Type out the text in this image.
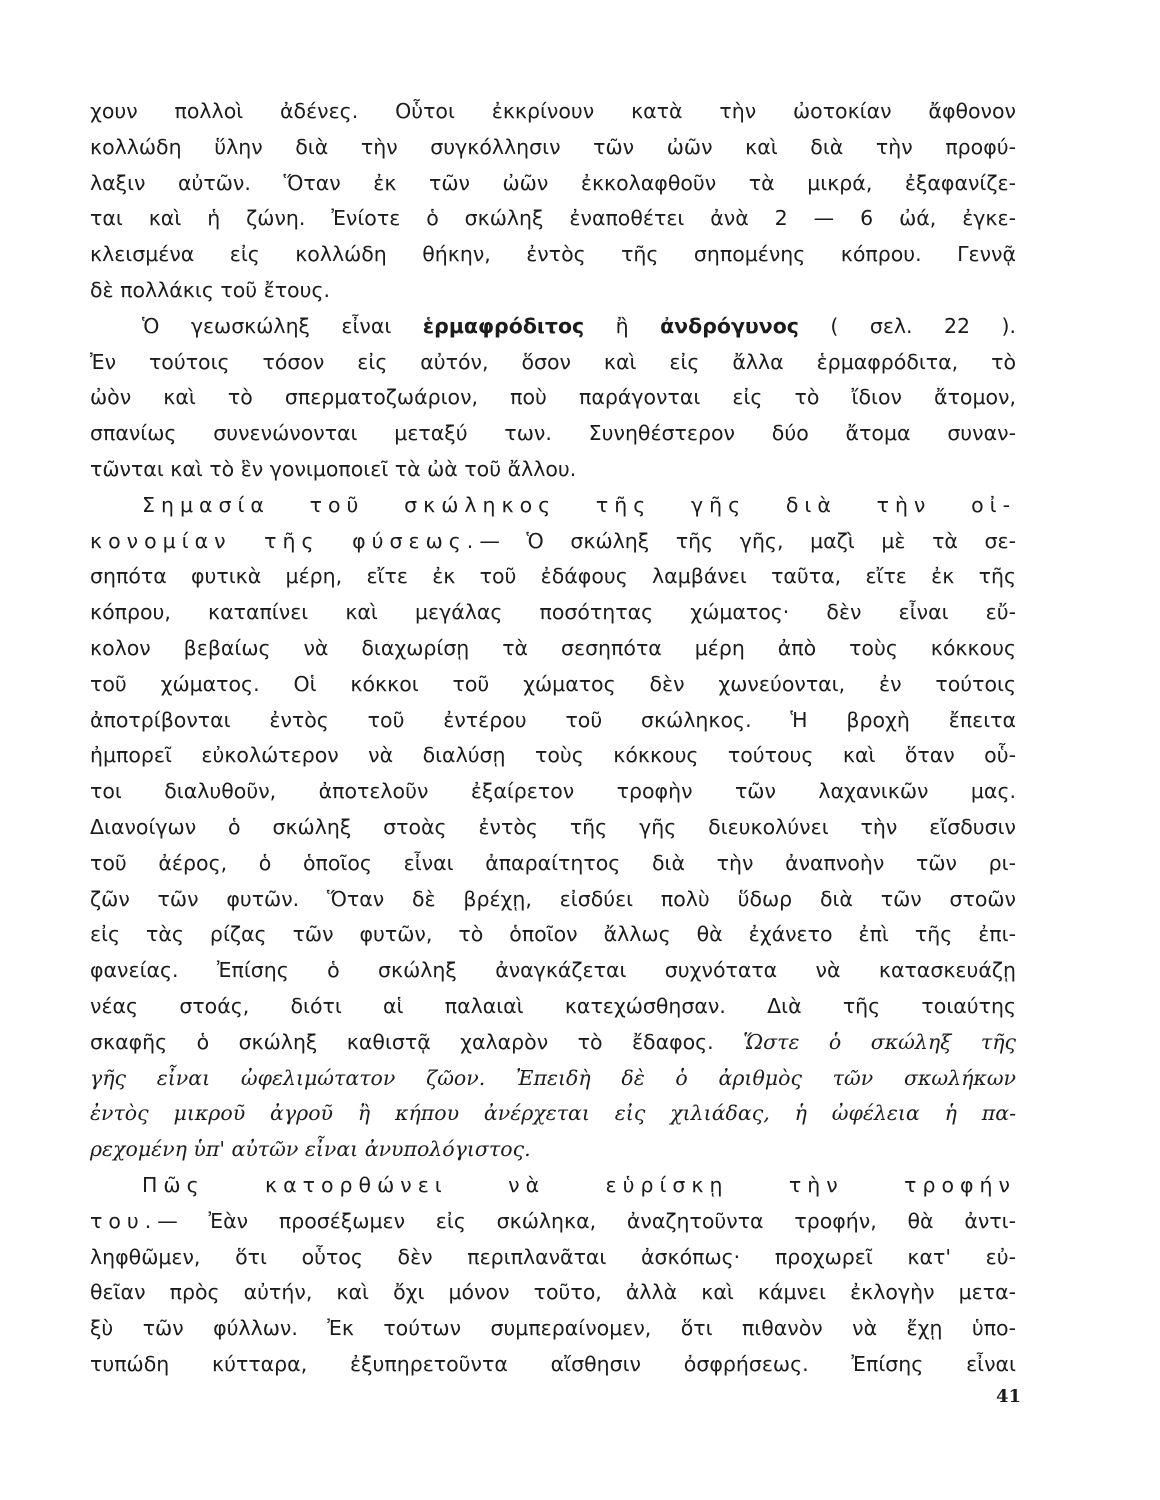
χουν πολλοὶ ἀδένες. Οὗτοι ἐκκρίνουν κατὰ τὴν ὠοτοκίαν ἄφθονον
κολλώδη ὕλην διὰ τὴν συγκόλλησιν τῶν ὠῶν καὶ διὰ τὴν προφύ-
λαξιν αὐτῶν. Ὅταν ἐκ τῶν ὠῶν ἐκκολαφθοῦν τὰ μικρά, ἐξαφανίζε-
ται καὶ ἡ ζώνη. Ἐνίοτε ὁ σκώληξ ἐναποθέτει ἀνὰ 2 — 6 ὠά, ἐγκε-
κλεισμένα εἰς κολλώδη θήκην, ἐντὸς τῆς σηπομένης κόπρου. Γεννᾷ
δὲ πολλάκις τοῦ ἔτους.
Ὁ γεωσκώληξ εἶναι ἑρμαφρόδιτος ἢ ἀνδρόγυνος ( σελ. 22 ).
Ἐν τούτοις τόσον εἰς αὐτόν, ὅσον καὶ εἰς ἄλλα ἑρμαφρόδιτα, τὸ
ὠὸν καὶ τὸ σπερματοζωάριον, ποὺ παράγονται εἰς τὸ ἴδιον ἄτομον,
σπανίως συνενώνονται μεταξύ των. Συνηθέστερον δύο ἄτομα συναν-
τῶνται καὶ τὸ ἓν γονιμοποιεῖ τὰ ὠὰ τοῦ ἄλλου.
Σημασία τοῦ σκώληκος τῆς γῆς διὰ τὴν οἰ-
κονομίαν τῆς φύσεως.— Ὁ σκώληξ τῆς γῆς, μαζὶ μὲ τὰ σε-
σηπότα φυτικὰ μέρη, εἴτε ἐκ τοῦ ἐδάφους λαμβάνει ταῦτα, εἴτε ἐκ τῆς
κόπρου, καταπίνει καὶ μεγάλας ποσότητας χώματος· δὲν εἶναι εὔ-
κολον βεβαίως νὰ διαχωρίσῃ τὰ σεσηπότα μέρη ἀπὸ τοὺς κόκκους
τοῦ χώματος. Οἱ κόκκοι τοῦ χώματος δὲν χωνεύονται, ἐν τούτοις
ἀποτρίβονται ἐντὸς τοῦ ἐντέρου τοῦ σκώληκος. Ἡ βροχὴ ἔπειτα
ἠμπορεῖ εὐκολώτερον νὰ διαλύσῃ τοὺς κόκκους τούτους καὶ ὅταν οὗ-
τοι διαλυθοῦν, ἀποτελοῦν ἐξαίρετον τροφὴν τῶν λαχανικῶν μας.
Διανοίγων ὁ σκώληξ στοὰς ἐντὸς τῆς γῆς διευκολύνει τὴν εἴσδυσιν
τοῦ ἀέρος, ὁ ὁποῖος εἶναι ἀπαραίτητος διὰ τὴν ἀναπνοὴν τῶν ρι-
ζῶν τῶν φυτῶν. Ὅταν δὲ βρέχῃ, εἰσδύει πολὺ ὕδωρ διὰ τῶν στοῶν
εἰς τὰς ρίζας τῶν φυτῶν, τὸ ὁποῖον ἄλλως θὰ ἐχάνετο ἐπὶ τῆς ἐπι-
φανείας. Ἐπίσης ὁ σκώληξ ἀναγκάζεται συχνότατα νὰ κατασκευάζῃ
νέας στοάς, διότι αἱ παλαιαὶ κατεχώσθησαν. Διὰ τῆς τοιαύτης
σκαφῆς ὁ σκώληξ καθιστᾷ χαλαρὸν τὸ ἔδαφος. Ὥστε ὁ σκώληξ τῆς
γῆς εἶναι ὠφελιμώτατον ζῶον. Ἐπειδὴ δὲ ὁ ἀριθμὸς τῶν σκωλήκων
ἐντὸς μικροῦ ἀγροῦ ἢ κήπου ἀνέρχεται εἰς χιλιάδας, ἡ ὠφέλεια ἡ πα-
ρεχομένη ὑπ' αὐτῶν εἶναι ἀνυπολόγιστος.
Πῶς κατορθώνει νὰ εὑρίσκῃ τὴν τροφήν
του.— Ἐὰν προσέξωμεν εἰς σκώληκα, ἀναζητοῦντα τροφήν, θὰ ἀντι-
ληφθῶμεν, ὅτι οὗτος δὲν περιπλανᾶται ἀσκόπως· προχωρεῖ κατ' εὐ-
θεῖαν πρὸς αὐτήν, καὶ ὄχι μόνον τοῦτο, ἀλλὰ καὶ κάμνει ἐκλογὴν μετα-
ξὺ τῶν φύλλων. Ἐκ τούτων συμπεραίνομεν, ὅτι πιθανὸν νὰ ἔχῃ ὑπο-
τυπώδη κύτταρα, ἐξυπηρετοῦντα αἴσθησιν ὀσφρήσεως. Ἐπίσης εἶναι
41
